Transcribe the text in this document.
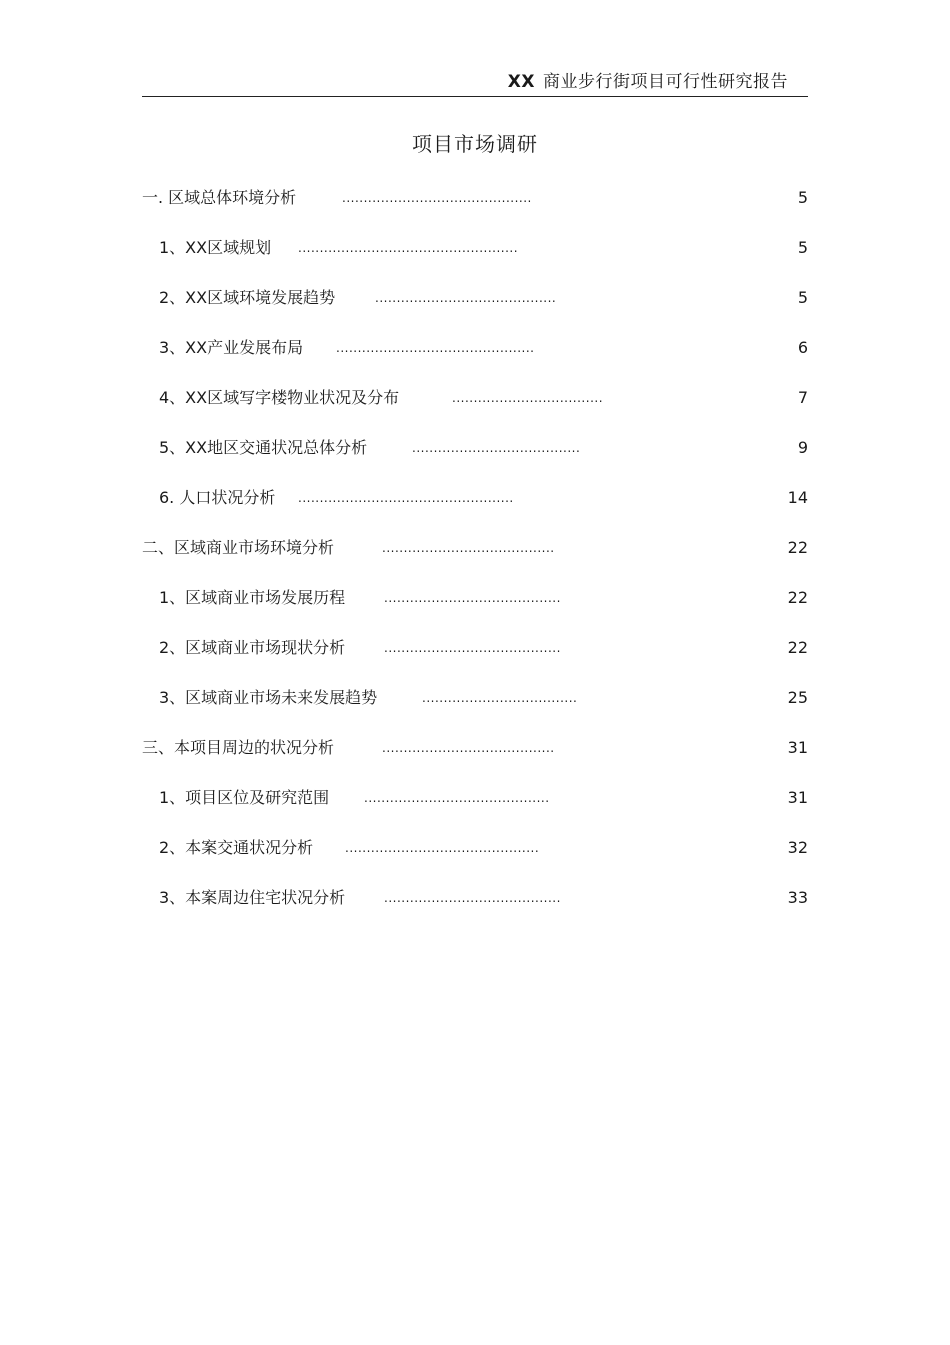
XX 商业步行街项目可行性研究报告
项目市场调研
一. 区域总体环境分析	............................................	5
1、XX区域规划 ...................................................	5
2、XX区域环境发展趋势	..........................................	5
3、XX产业发展布局	..............................................	6
4、XX区域写字楼物业状况及分布	...................................	7
5、XX地区交通状况总体分析	.......................................	9
6. 人口状况分析 ..................................................	14
二、区域商业市场环境分析	........................................	22
1、区域商业市场发展历程	.........................................	22
2、区域商业市场现状分析	.........................................	22
3、区域商业市场未来发展趋势	....................................	25
三、本项目周边的状况分析	........................................	31
1、项目区位及研究范围	...........................................	31
2、本案交通状况分析	.............................................	32
3、本案周边住宅状况分析	.........................................	33
